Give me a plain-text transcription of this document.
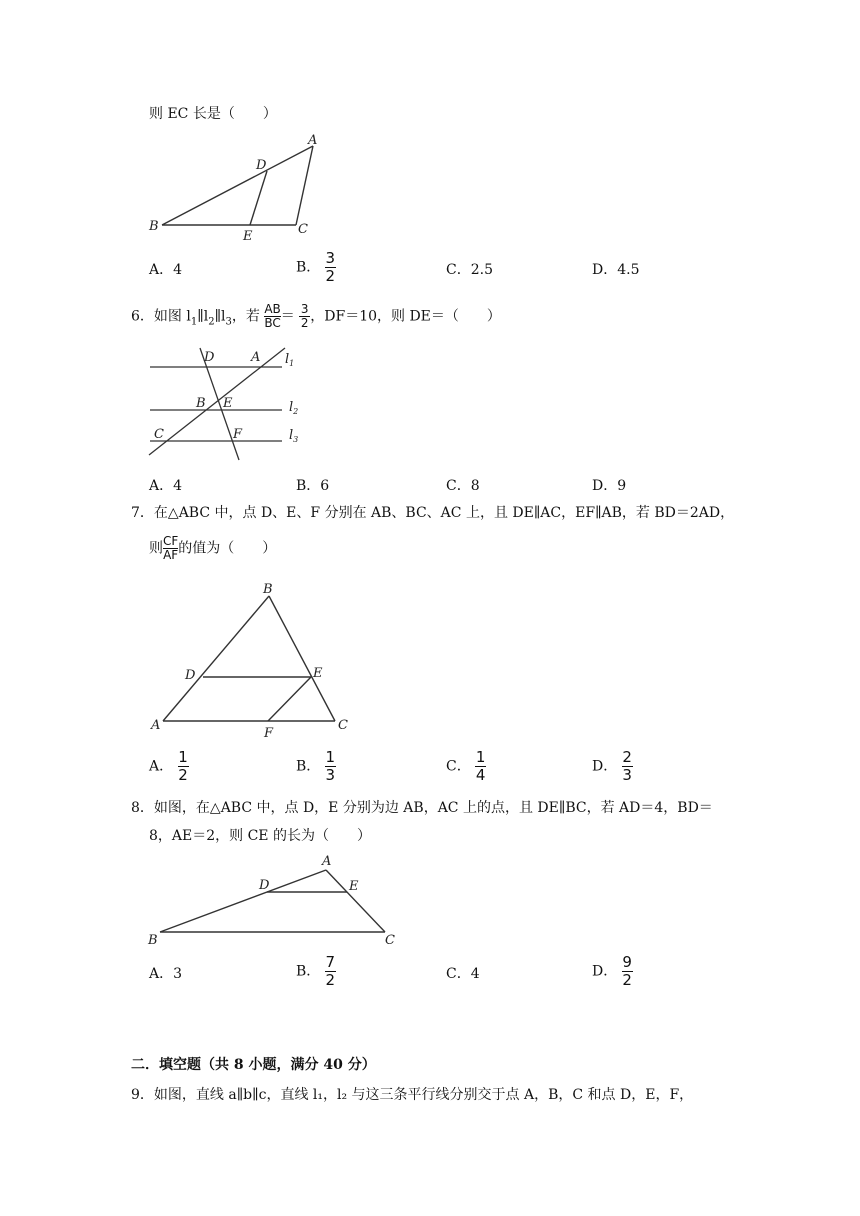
则 EC 长是（　　）
A
D
B
E	C
A．4	B． $\frac{3}{2}$	C．2.5	D．4.5
6．如图 $l_1\parallel l_2\parallel l_3$，若 $\frac{AB}{BC} = \frac{3}{2}$ ，DF＝10，则 DE＝（　　）
D	A $l_1$
B E	$l_2$
C	F	$l_3$
A．4	B．6	C．8	D．9
7．在△ABC 中，点 D、E、F 分别在 AB、BC、AC 上，且 DE∥AC，EF∥AB，若 BD＝2AD，
则 $\frac{CF}{AF}$ 的值为（　　）
B
D	E
A	C
F
A． $\frac{1}{2}$	B． $\frac{1}{3}$	C． $\frac{1}{4}$	D． $\frac{2}{3}$
8．如图，在△ABC 中，点 D，E 分别为边 AB，AC 上的点，且 DE∥BC，若 AD＝4，BD＝
8，AE＝2，则 CE 的长为（　　）
A
D	E
B	C
A．3	B． $\frac{7}{2}$	C．4	D． $\frac{9}{2}$
二．填空题（共 8 小题，满分 40 分）
9．如图，直线 a∥b∥c，直线 l₁，l₂ 与这三条平行线分别交于点 A，B，C 和点 D，E，F，
